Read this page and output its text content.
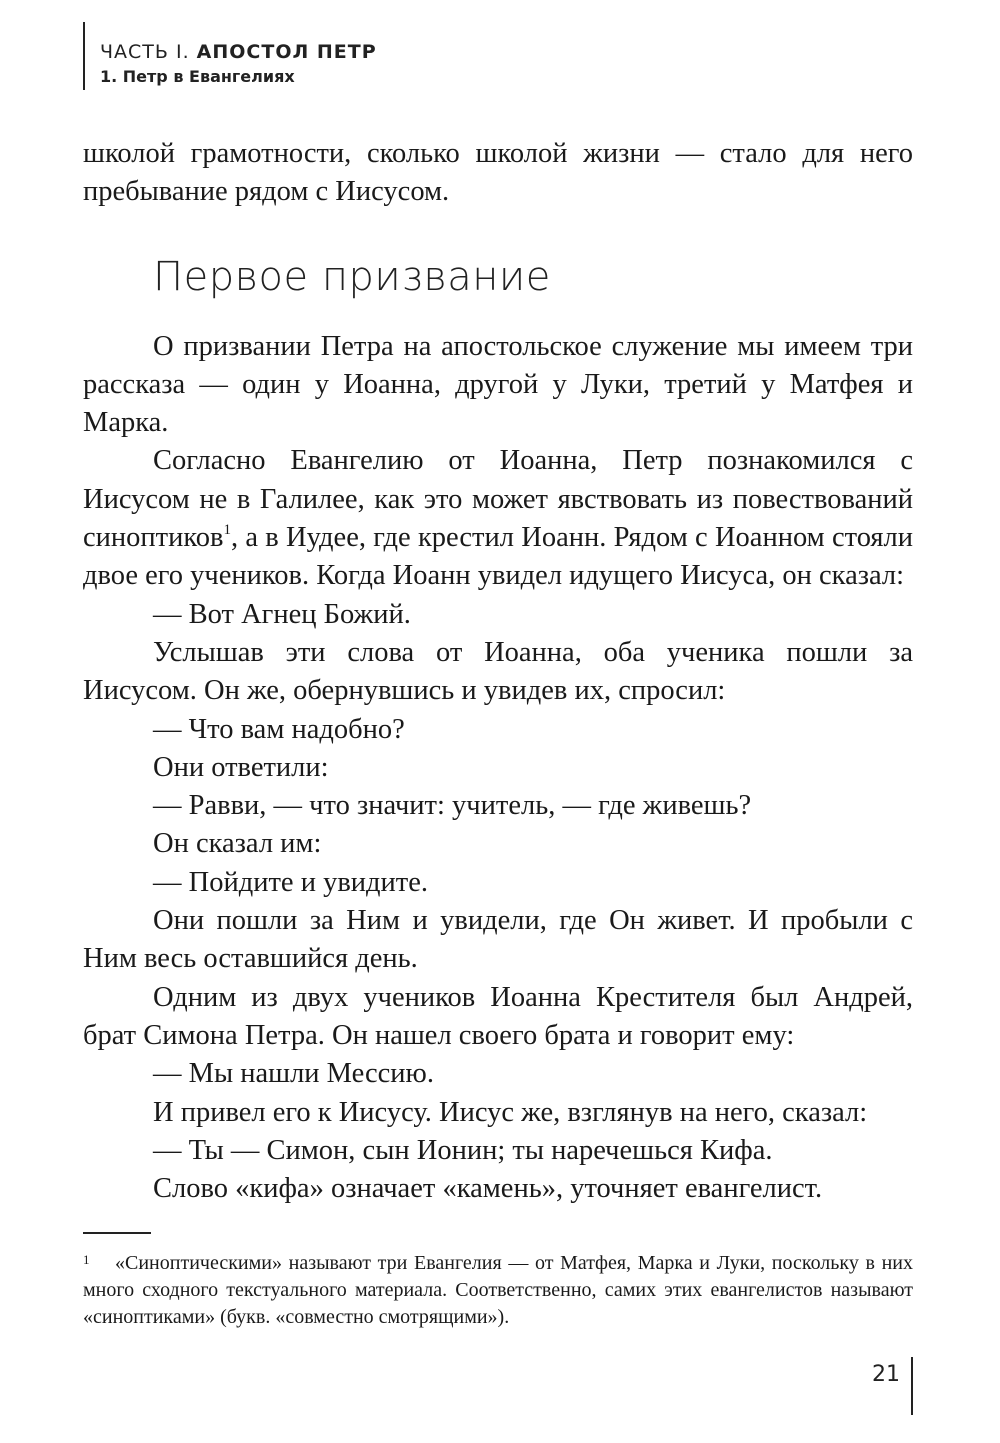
ЧАСТЬ I. АПОСТОЛ ПЕТР
1. Петр в Евангелиях

школой грамотности, сколько школой жизни — стало для него пребывание рядом с Иисусом.

Первое призвание

О призвании Петра на апостольское служение мы имеем три рассказа — один у Иоанна, другой у Луки, третий у Матфея и Марка.

Согласно Евангелию от Иоанна, Петр познакомился с Иисусом не в Галилее, как это может явствовать из повествований синоптиков$^1$, а в Иудее, где крестил Иоанн. Рядом с Иоанном стояли двое его учеников. Когда Иоанн увидел идущего Иисуса, он сказал:

— Вот Агнец Божий.

Услышав эти слова от Иоанна, оба ученика пошли за Иисусом. Он же, обернувшись и увидев их, спросил:

— Что вам надобно?

Они ответили:

— Равви, — что значит: учитель, — где живешь?

Он сказал им:

— Пойдите и увидите.

Они пошли за Ним и увидели, где Он живет. И пробыли с Ним весь оставшийся день.

Одним из двух учеников Иоанна Крестителя был Андрей, брат Симона Петра. Он нашел своего брата и говорит ему:

— Мы нашли Мессию.

И привел его к Иисусу. Иисус же, взглянув на него, сказал:

— Ты — Симон, сын Ионин; ты наречешься Кифа.

Слово «кифа» означает «камень», уточняет евангелист.

1	«Синоптическими» называют три Евангелия — от Матфея, Марка и Луки, поскольку в них много сходного текстуального материала. Соответственно, самих этих евангелистов называют «синоптиками» (букв. «совместно смотрящими»).

21
